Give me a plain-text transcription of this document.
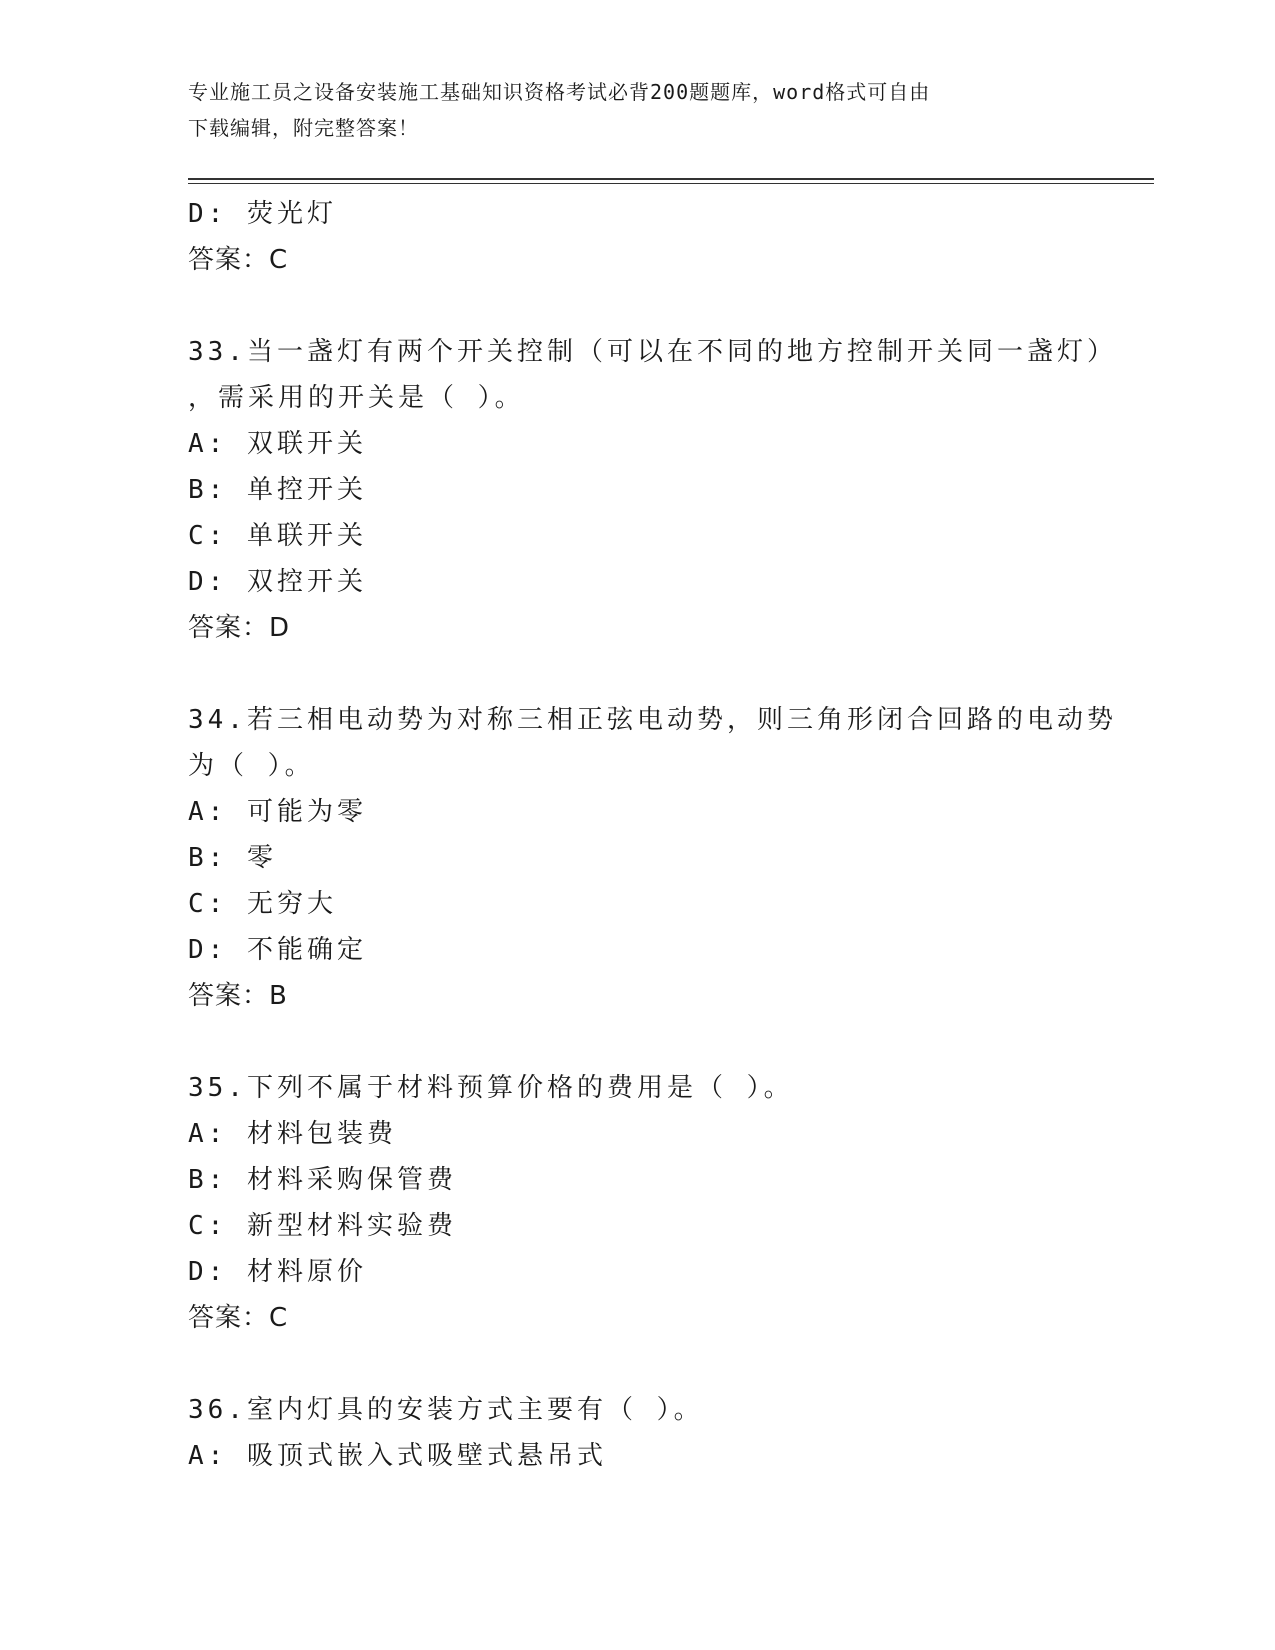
专业施工员之设备安装施工基础知识资格考试必背200题题库，word格式可自由
下载编辑，附完整答案！
D: 荧光灯
答案：C
33.当一盏灯有两个开关控制（可以在不同的地方控制开关同一盏灯）
，需采用的开关是（ ）。
A: 双联开关
B: 单控开关
C: 单联开关
D: 双控开关
答案：D
34.若三相电动势为对称三相正弦电动势，则三角形闭合回路的电动势
为（ ）。
A: 可能为零
B: 零
C: 无穷大
D: 不能确定
答案：B
35.下列不属于材料预算价格的费用是（ ）。
A: 材料包装费
B: 材料采购保管费
C: 新型材料实验费
D: 材料原价
答案：C
36.室内灯具的安装方式主要有（ ）。
A: 吸顶式嵌入式吸壁式悬吊式
